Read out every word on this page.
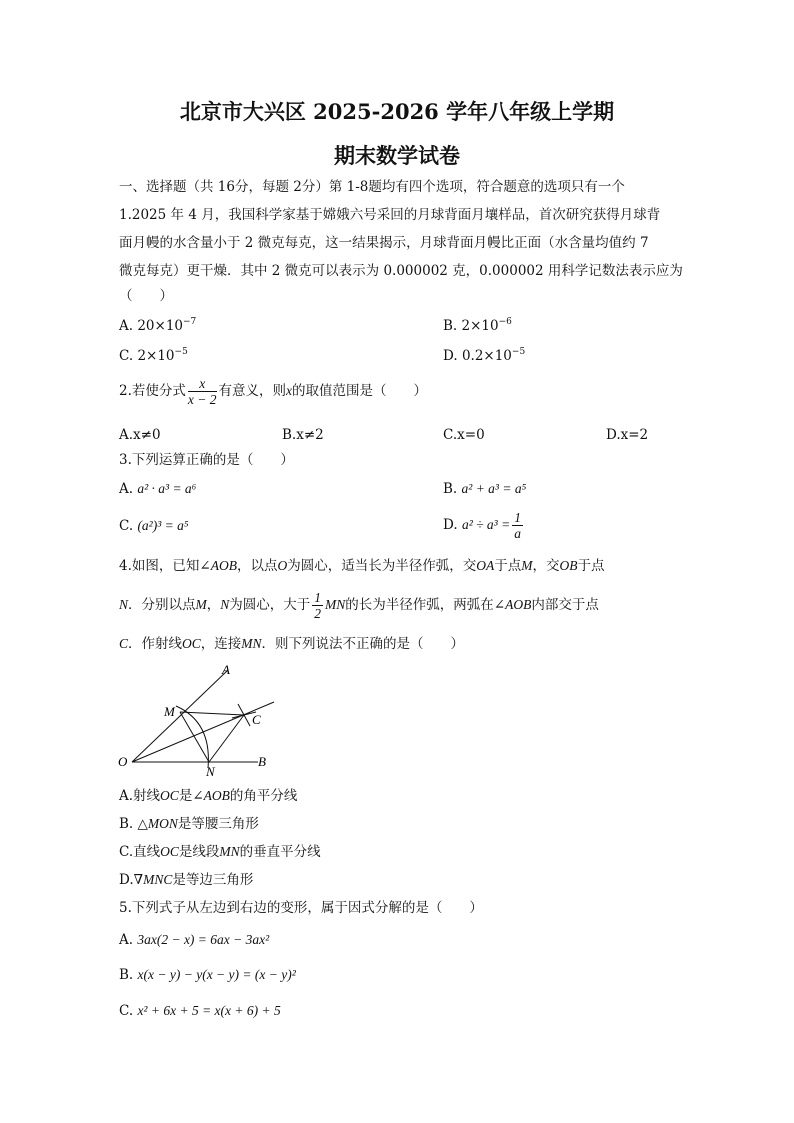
北京市大兴区 2025-2026 学年八年级上学期
期末数学试卷
一、选择题（共 16分，每题 2分）第 1-8题均有四个选项，符合题意的选项只有一个
1.2025 年 4 月，我国科学家基于嫦娥六号采回的月球背面月壤样品，首次研究获得月球背
面月幔的水含量小于 2 微克每克，这一结果揭示，月球背面月幔比正面（水含量均值约 7
微克每克）更干燥．其中 2 微克可以表示为 0.000002 克，0.000002 用科学记数法表示应为
（　　）
A. $20\times 10^{-7}$	B. $2\times 10^{-6}$
C. $2\times 10^{-5}$	D. $0.2\times 10^{-5}$
2.若使分式 $\frac{x}{x - 2}$ 有意义，则x的取值范围是（　　）
A.x≠0	B.x≠2	C.x=0	D.x=2
3.下列运算正确的是（　　）
A. a² · a³ = a⁶	B. a² + a³ = a⁵
C. (a²)³ = a⁵	D. $a^2 \div a^3 = \frac{1}{a}$
4.如图，已知∠AOB，以点O为圆心，适当长为半径作弧，交OA于点M，交OB于点
N．分别以点M，N为圆心，大于 $\frac{1}{2}$ MN的长为半径作弧，两弧在∠AOB内部交于点
C．作射线OC，连接MN．则下列说法不正确的是（　　）
A
M
C
O
N
B
A.射线OC是∠AOB的角平分线
B. △MON是等腰三角形
C.直线OC是线段MN的垂直平分线
D.∇MNC是等边三角形
5.下列式子从左边到右边的变形，属于因式分解的是（　　）
A. 3ax(2 − x) = 6ax − 3ax²
B. x(x − y) − y(x − y) = (x − y)²
C. x² + 6x + 5 = x(x + 6) + 5
